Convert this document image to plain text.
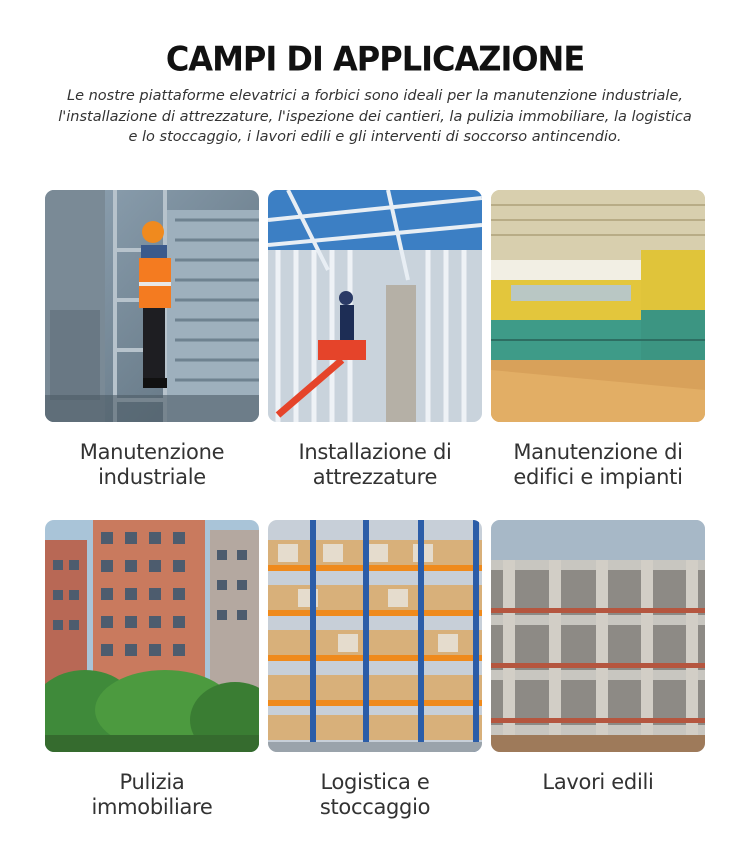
CAMPI DI APPLICAZIONE

Le nostre piattaforme elevatrici a forbici sono ideali per la manutenzione industriale, l'installazione di attrezzature, l'ispezione dei cantieri, la pulizia immobiliare, la logistica e lo stoccaggio, i lavori edili e gli interventi di soccorso antincendio.

Manutenzione
industriale
Installazione di
attrezzature
Manutenzione di
edifici e impianti
Pulizia
immobiliare
Logistica e
stoccaggio
Lavori edili
